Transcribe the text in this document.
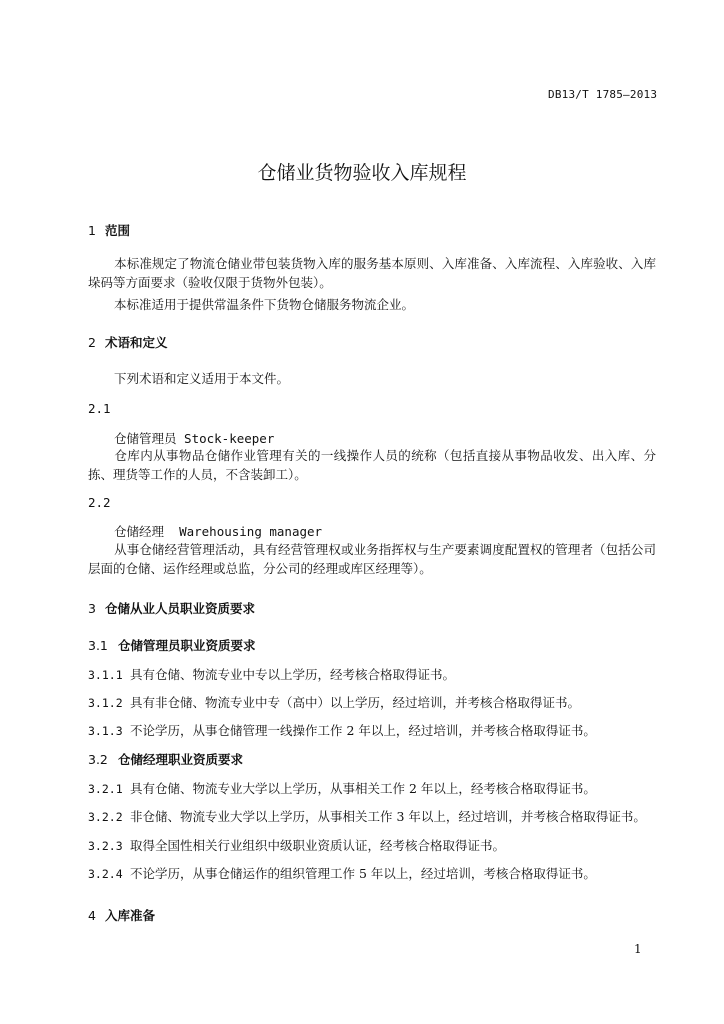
DB13/T 1785—2013
仓储业货物验收入库规程
1 范围
本标准规定了物流仓储业带包装货物入库的服务基本原则、入库准备、入库流程、入库验收、入库垛码等方面要求（验收仅限于货物外包装）。
本标准适用于提供常温条件下货物仓储服务物流企业。
2 术语和定义
下列术语和定义适用于本文件。
2.1
仓储管理员 Stock-keeper
仓库内从事物品仓储作业管理有关的一线操作人员的统称（包括直接从事物品收发、出入库、分拣、理货等工作的人员，不含装卸工）。
2.2
仓储经理 Warehousing manager
从事仓储经营管理活动，具有经营管理权或业务指挥权与生产要素调度配置权的管理者（包括公司层面的仓储、运作经理或总监，分公司的经理或库区经理等）。
3 仓储从业人员职业资质要求
3.1 仓储管理员职业资质要求
3.1.1 具有仓储、物流专业中专以上学历，经考核合格取得证书。
3.1.2 具有非仓储、物流专业中专（高中）以上学历，经过培训，并考核合格取得证书。
3.1.3 不论学历，从事仓储管理一线操作工作 2 年以上，经过培训，并考核合格取得证书。
3.2 仓储经理职业资质要求
3.2.1 具有仓储、物流专业大学以上学历，从事相关工作 2 年以上，经考核合格取得证书。
3.2.2 非仓储、物流专业大学以上学历，从事相关工作 3 年以上，经过培训，并考核合格取得证书。
3.2.3 取得全国性相关行业组织中级职业资质认证，经考核合格取得证书。
3.2.4 不论学历，从事仓储运作的组织管理工作 5 年以上，经过培训，考核合格取得证书。
4 入库准备
1
